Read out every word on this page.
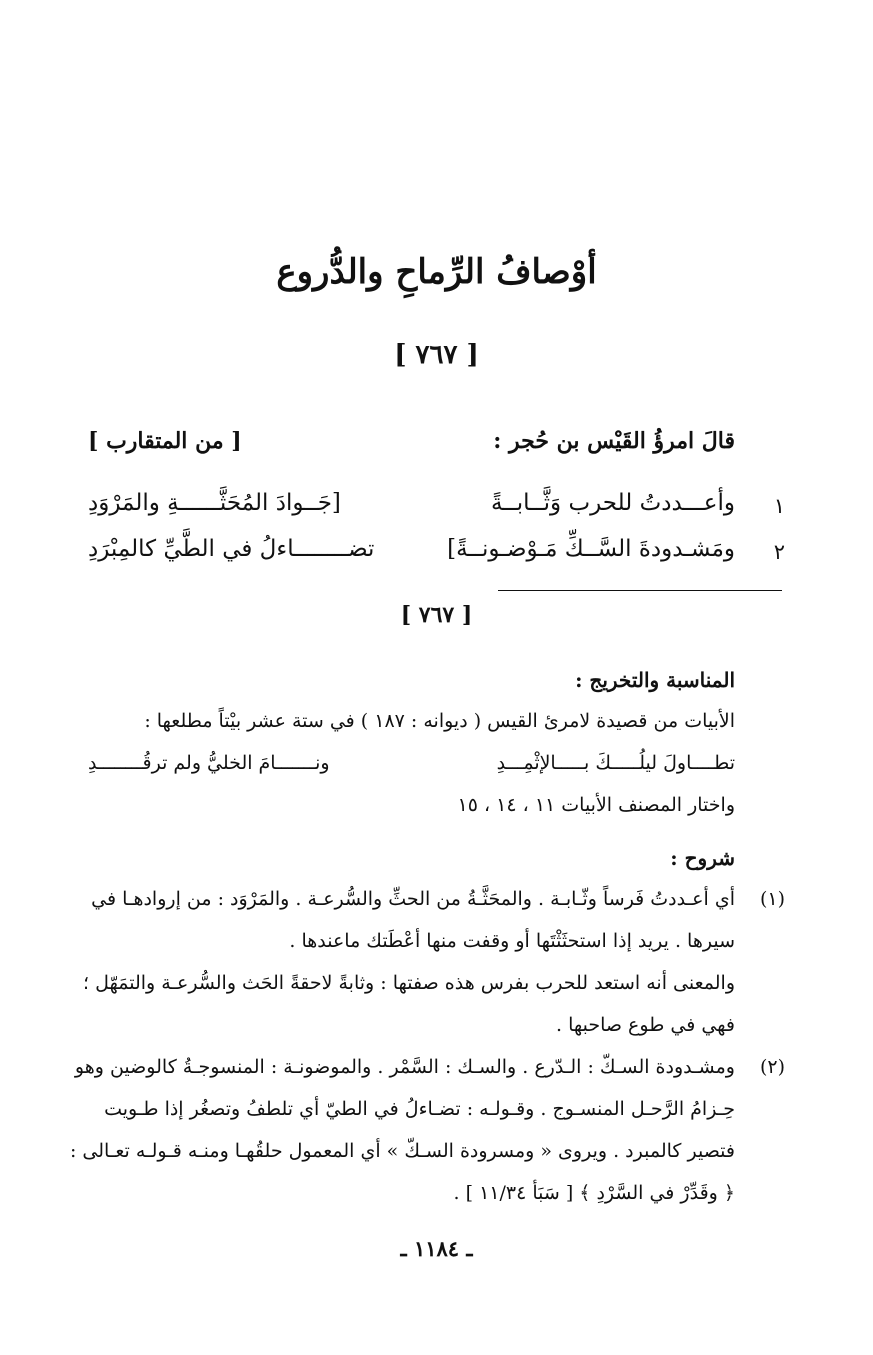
أوْصافُ الرِّماحِ والدُّروع
[ ٧٦٧ ]
قالَ امرؤُ القَيْس بن حُجر :
[ من المتقارب ]
١
وأعـــددتُ للحرب وَثَّــابــةً
[جَــوادَ المُحَثَّــــــةِ والمَرْوَدِ
٢
ومَشـدودةَ السَّــكِّ مَـوْضـونــةً]
تضــــــــاءلُ في الطَّيِّ كالمِبْرَدِ
[ ٧٦٧ ]
المناسبة والتخريج :
الأبيات من قصيدة لامرئ القيس ( ديوانه : ١٨٧ ) في ستة عشر بيْتاً مطلعها :
تطــــاولَ ليلُـــــكَ بـــــالإثْمِـــدِ
ونـــــــامَ الخليُّ ولم ترقُــــــــدِ
واختار المصنف الأبيات ١١ ، ١٤ ، ١٥
شروح :
(١)
أي أعـددتُ فَرساً وثّـابـة . والمحَثَّـةُ من الحثِّ والسُّرعـة . والمَرْوَد : من إروادهـا في
سيرها . يريد إذا استحثَثْتَها أو وقفت منها أعْطَتك ماعندها .
والمعنى أنه استعد للحرب بفرس هذه صفتها : وثابةً لاحقةً الحَث والسُّرعـة والتمَهّل ؛
فهي في طوع صاحبها .
(٢)
ومشـدودة السـكّ : الـدّرع . والسـك : السَّمْر . والموضونـة : المنسوجـةُ كالوضين وهو
حِـزامُ الرَّحـل المنسـوج . وقـولـه : تضـاءلُ في الطيّ أي تلطفُ وتصغُر إذا طـويت
فتصير كالمبرد . ويروى « ومسرودة السـكّ » أي المعمول حلقُهـا ومنـه قـولـه تعـالى :
﴿ وقَدِّرْ في السَّرْدِ ﴾ [ سَبَأ ١١/٣٤ ] .
ـ ١١٨٤ ـ
